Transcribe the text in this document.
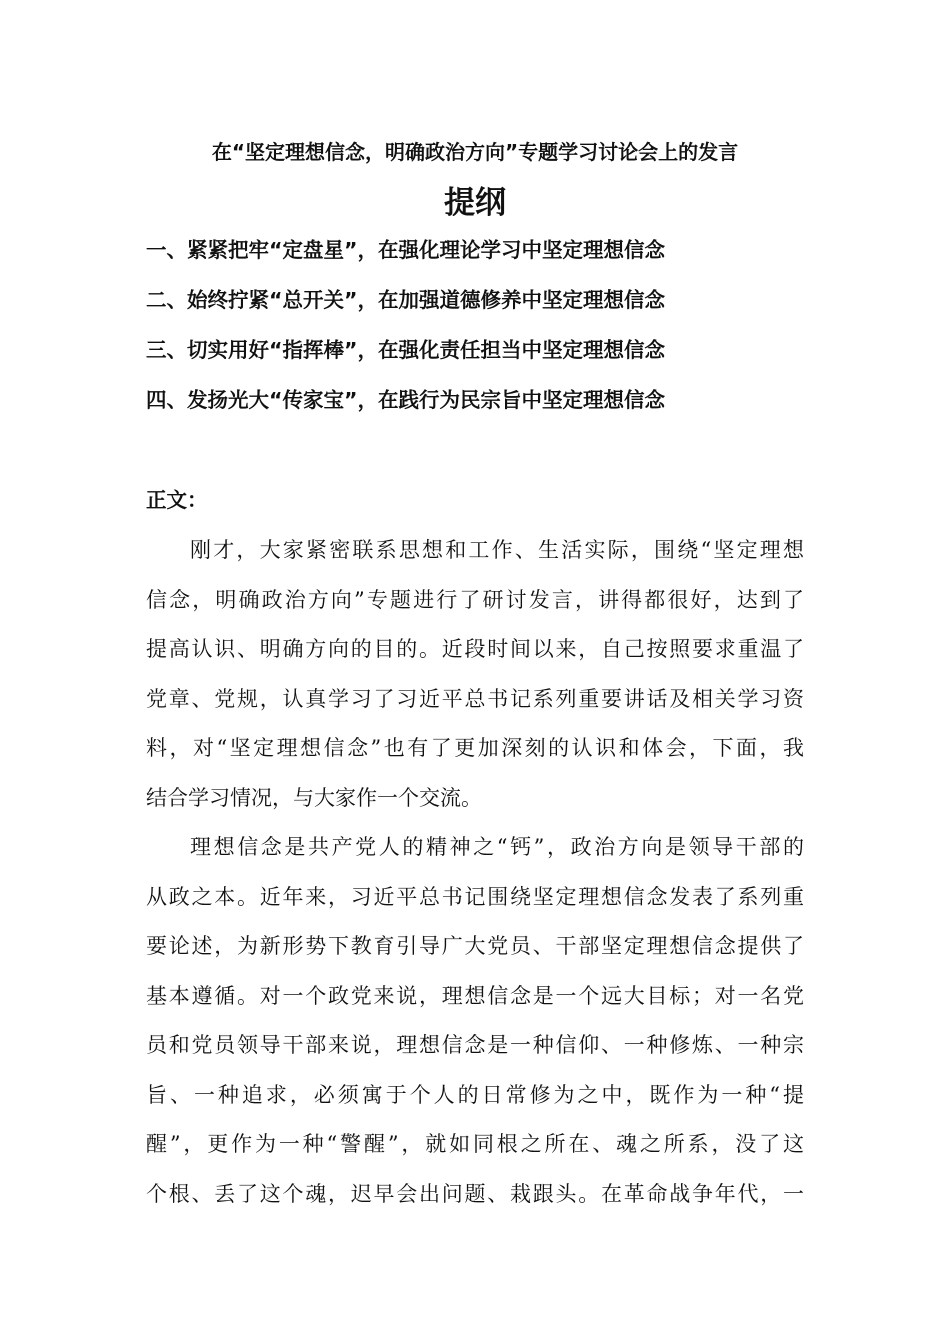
在“坚定理想信念，明确政治方向”专题学习讨论会上的发言
提纲
一、紧紧把牢“定盘星”，在强化理论学习中坚定理想信念
二、始终拧紧“总开关”，在加强道德修养中坚定理想信念
三、切实用好“指挥棒”，在强化责任担当中坚定理想信念
四、发扬光大“传家宝”，在践行为民宗旨中坚定理想信念
正文：
刚才，大家紧密联系思想和工作、生活实际，围绕“坚定理想
信念，明确政治方向”专题进行了研讨发言，讲得都很好，达到了
提高认识、明确方向的目的。近段时间以来，自己按照要求重温了
党章、党规，认真学习了习近平总书记系列重要讲话及相关学习资
料，对“坚定理想信念”也有了更加深刻的认识和体会，下面，我
结合学习情况，与大家作一个交流。
理想信念是共产党人的精神之“钙”，政治方向是领导干部的
从政之本。近年来，习近平总书记围绕坚定理想信念发表了系列重
要论述，为新形势下教育引导广大党员、干部坚定理想信念提供了
基本遵循。对一个政党来说，理想信念是一个远大目标；对一名党
员和党员领导干部来说，理想信念是一种信仰、一种修炼、一种宗
旨、一种追求，必须寓于个人的日常修为之中，既作为一种“提
醒”，更作为一种“警醒”，就如同根之所在、魂之所系，没了这
个根、丢了这个魂，迟早会出问题、栽跟头。在革命战争年代，一
